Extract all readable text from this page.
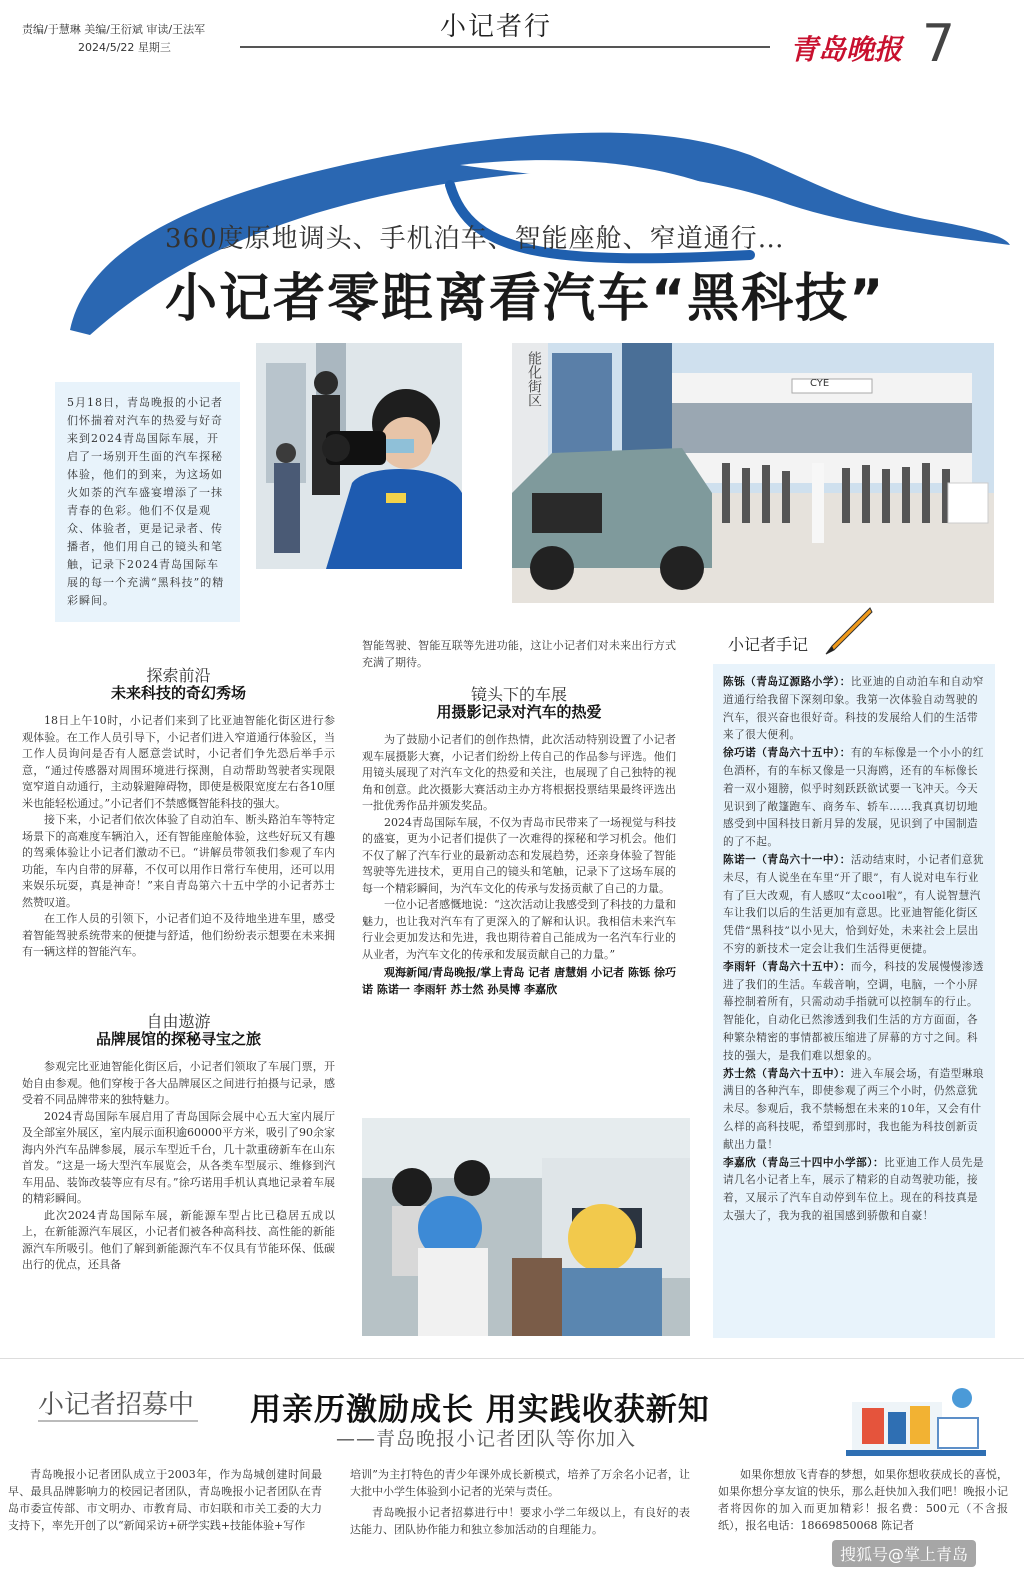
责编/于慧琳 美编/王衍斌 审读/王法军
2024/5/22 星期三
小记者行
青岛晚报 7
360度原地调头、手机泊车、智能座舱、窄道通行…
小记者零距离看汽车“黑科技”
5月18日，青岛晚报的小记者们怀揣着对汽车的热爱与好奇来到2024青岛国际车展，开启了一场别开生面的汽车探秘体验，他们的到来，为这场如火如荼的汽车盛宴增添了一抹青春的色彩。他们不仅是观众、体验者，更是记录者、传播者，他们用自己的镜头和笔触，记录下2024青岛国际车展的每一个充满“黑科技”的精彩瞬间。
能化街区	CYE
探索前沿
未来科技的奇幻秀场

18日上午10时，小记者们来到了比亚迪智能化街区进行参观体验。在工作人员引导下，小记者们进入窄道通行体验区，当工作人员询问是否有人愿意尝试时，小记者们争先恐后举手示意，“通过传感器对周围环境进行探测，自动帮助驾驶者实现限宽窄道自动通行，主动躲避障碍物，即使是极限宽度左右各10厘米也能轻松通过。”小记者们不禁感慨智能科技的强大。

接下来，小记者们依次体验了自动泊车、断头路泊车等特定场景下的高难度车辆泊入，还有智能座舱体验，这些好玩又有趣的驾乘体验让小记者们激动不已。“讲解员带领我们参观了车内功能，车内自带的屏幕，不仅可以用作日常行车使用，还可以用来娱乐玩耍，真是神奇！”来自青岛第六十五中学的小记者苏士然赞叹道。

在工作人员的引领下，小记者们迫不及待地坐进车里，感受着智能驾驶系统带来的便捷与舒适，他们纷纷表示想要在未来拥有一辆这样的智能汽车。

自由遨游
品牌展馆的探秘寻宝之旅

参观完比亚迪智能化街区后，小记者们领取了车展门票，开始自由参观。他们穿梭于各大品牌展区之间进行拍摄与记录，感受着不同品牌带来的独特魅力。

2024青岛国际车展启用了青岛国际会展中心五大室内展厅及全部室外展区，室内展示面积逾60000平方米，吸引了90余家海内外汽车品牌参展，展示车型近千台，几十款重磅新车在山东首发。“这是一场大型汽车展览会，从各类车型展示、维修到汽车用品、装饰改装等应有尽有。”徐巧诺用手机认真地记录着车展的精彩瞬间。

此次2024青岛国际车展，新能源车型占比已稳居五成以上，在新能源汽车展区，小记者们被各种高科技、高性能的新能源汽车所吸引。他们了解到新能源汽车不仅具有节能环保、低碳出行的优点，还具备

智能驾驶、智能互联等先进功能，这让小记者们对未来出行方式充满了期待。
镜头下的车展
用摄影记录对汽车的热爱

为了鼓励小记者们的创作热情，此次活动特别设置了小记者观车展摄影大赛，小记者们纷纷上传自己的作品参与评选。他们用镜头展现了对汽车文化的热爱和关注，也展现了自己独特的视角和创意。此次摄影大赛活动主办方将根据投票结果最终评选出一批优秀作品并颁发奖品。

2024青岛国际车展，不仅为青岛市民带来了一场视觉与科技的盛宴，更为小记者们提供了一次难得的探秘和学习机会。他们不仅了解了汽车行业的最新动态和发展趋势，还亲身体验了智能驾驶等先进技术，更用自己的镜头和笔触，记录下了这场车展的每一个精彩瞬间，为汽车文化的传承与发扬贡献了自己的力量。

一位小记者感慨地说：“这次活动让我感受到了科技的力量和魅力，也让我对汽车有了更深入的了解和认识。我相信未来汽车行业会更加发达和先进，我也期待着自己能成为一名汽车行业的从业者，为汽车文化的传承和发展贡献自己的力量。”

观海新闻/青岛晚报/掌上青岛 记者 唐慧娟 小记者 陈铄 徐巧诺 陈诺一 李雨轩 苏士然 孙昊博 李嘉欣
小记者手记

陈铄（青岛辽源路小学）：比亚迪的自动泊车和自动窄道通行给我留下深刻印象。我第一次体验自动驾驶的汽车，很兴奋也很好奇。科技的发展给人们的生活带来了很大便利。

徐巧诺（青岛六十五中）：有的车标像是一个小小的红色酒杯，有的车标又像是一只海鸥，还有的车标像长着一双小翅膀，似乎时刻跃跃欲试要一飞冲天。今天见识到了敞篷跑车、商务车、轿车……我真真切切地感受到中国科技日新月异的发展，见识到了中国制造的了不起。

陈诺一（青岛六十一中）：活动结束时，小记者们意犹未尽，有人说坐在车里“开了眼”，有人说对电车行业有了巨大改观，有人感叹“太cool啦”，有人说智慧汽车让我们以后的生活更加有意思。比亚迪智能化街区凭借“黑科技”以小见大，恰到好处，未来社会上层出不穷的新技术一定会让我们生活得更便捷。

李雨轩（青岛六十五中）：而今，科技的发展慢慢渗透进了我们的生活。车载音响，空调，电脑，一个小屏幕控制着所有，只需动动手指就可以控制车的行止。智能化，自动化已然渗透到我们生活的方方面面，各种繁杂精密的事情都被压缩进了屏幕的方寸之间。科技的强大，是我们难以想象的。

苏士然（青岛六十五中）：进入车展会场，有造型琳琅满目的各种汽车，即使参观了两三个小时，仍然意犹未尽。参观后，我不禁畅想在未来的10年，又会有什么样的高科技呢，希望到那时，我也能为科技创新贡献出力量！

李嘉欣（青岛三十四中小学部）：比亚迪工作人员先是请几名小记者上车，展示了精彩的自动驾驶功能，接着，又展示了汽车自动停到车位上。现在的科技真是太强大了，我为我的祖国感到骄傲和自豪！

小记者招募中 用亲历激励成长 用实践收获新知
——青岛晚报小记者团队等你加入

青岛晚报小记者团队成立于2003年，作为岛城创建时间最早、最具品牌影响力的校园记者团队，青岛晚报小记者团队在青岛市委宣传部、市文明办、市教育局、市妇联和市关工委的大力支持下，率先开创了以“新闻采访+研学实践+技能体验+写作

培训”为主打特色的青少年课外成长新模式，培养了万余名小记者，让大批中小学生体验到小记者的光荣与责任。

青岛晚报小记者招募进行中！要求小学二年级以上，有良好的表达能力、团队协作能力和独立参加活动的自理能力。

如果你想放飞青春的梦想，如果你想收获成长的喜悦，如果你想分享友谊的快乐，那么赶快加入我们吧！晚报小记者将因你的加入而更加精彩！报名费：500元（不含报纸），报名电话：18669850068 陈记者

搜狐号@掌上青岛
